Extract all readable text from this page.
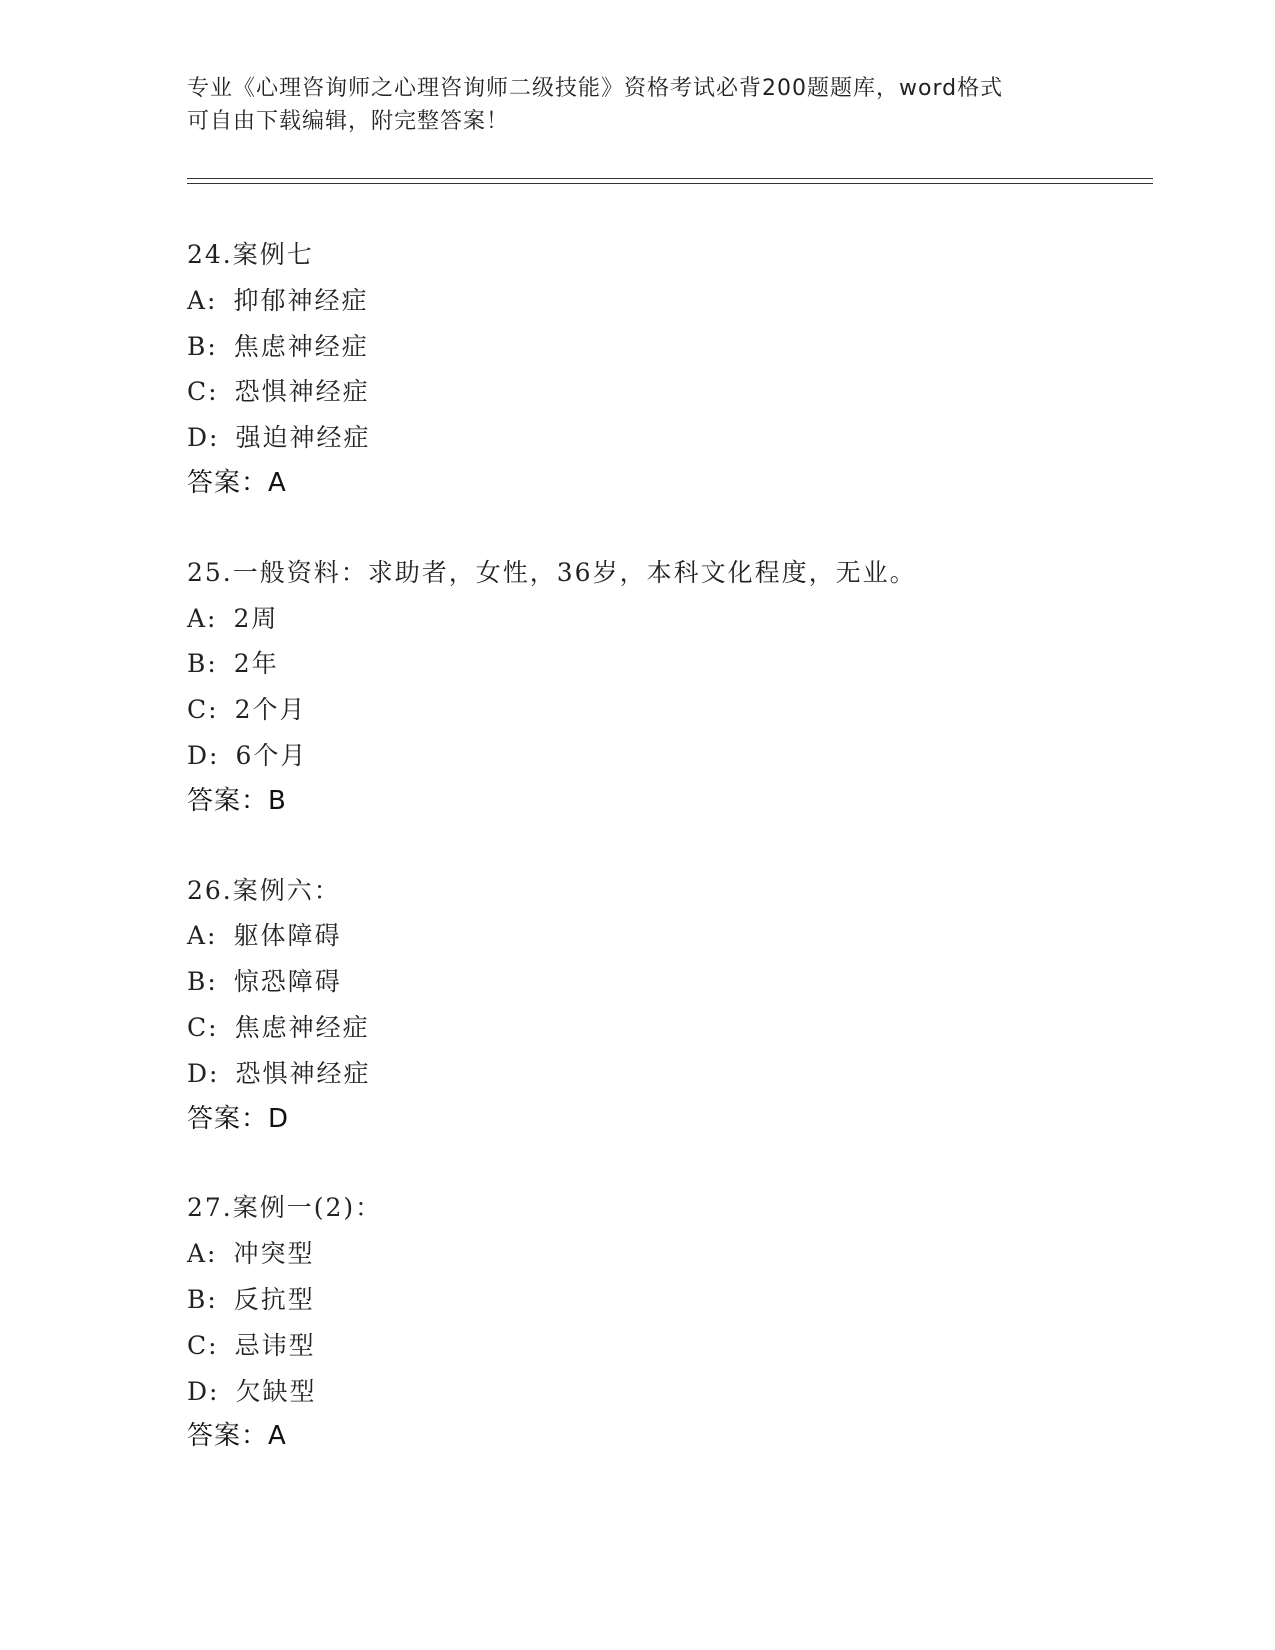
专业《心理咨询师之心理咨询师二级技能》资格考试必背200题题库，word格式
可自由下载编辑，附完整答案！
24.案例七
A: 抑郁神经症
B: 焦虑神经症
C: 恐惧神经症
D: 强迫神经症
答案：A
25.一般资料：求助者，女性，36岁，本科文化程度，无业。
A: 2周
B: 2年
C: 2个月
D: 6个月
答案：B
26.案例六：
A: 躯体障碍
B: 惊恐障碍
C: 焦虑神经症
D: 恐惧神经症
答案：D
27.案例一(2)：
A: 冲突型
B: 反抗型
C: 忌讳型
D: 欠缺型
答案：A
